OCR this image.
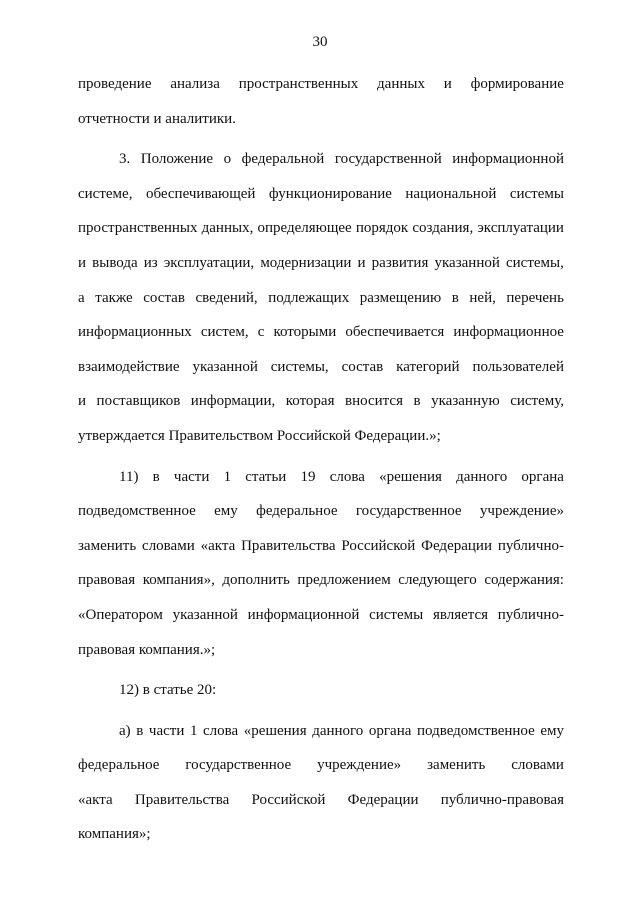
30
проведение анализа пространственных данных и формирование
отчетности и аналитики.
3. Положение о федеральной государственной информационной
системе, обеспечивающей функционирование национальной системы
пространственных данных, определяющее порядок создания, эксплуатации
и вывода из эксплуатации, модернизации и развития указанной системы,
а также состав сведений, подлежащих размещению в ней, перечень
информационных систем, с которыми обеспечивается информационное
взаимодействие указанной системы, состав категорий пользователей
и поставщиков информации, которая вносится в указанную систему,
утверждается Правительством Российской Федерации.»;
11) в части 1 статьи 19 слова «решения данного органа
подведомственное ему федеральное государственное учреждение»
заменить словами «акта Правительства Российской Федерации публично-
правовая компания», дополнить предложением следующего содержания:
«Оператором указанной информационной системы является публично-
правовая компания.»;
12) в статье 20:
а) в части 1 слова «решения данного органа подведомственное ему
федеральное государственное учреждение» заменить словами
«акта Правительства Российской Федерации публично-правовая
компания»;
